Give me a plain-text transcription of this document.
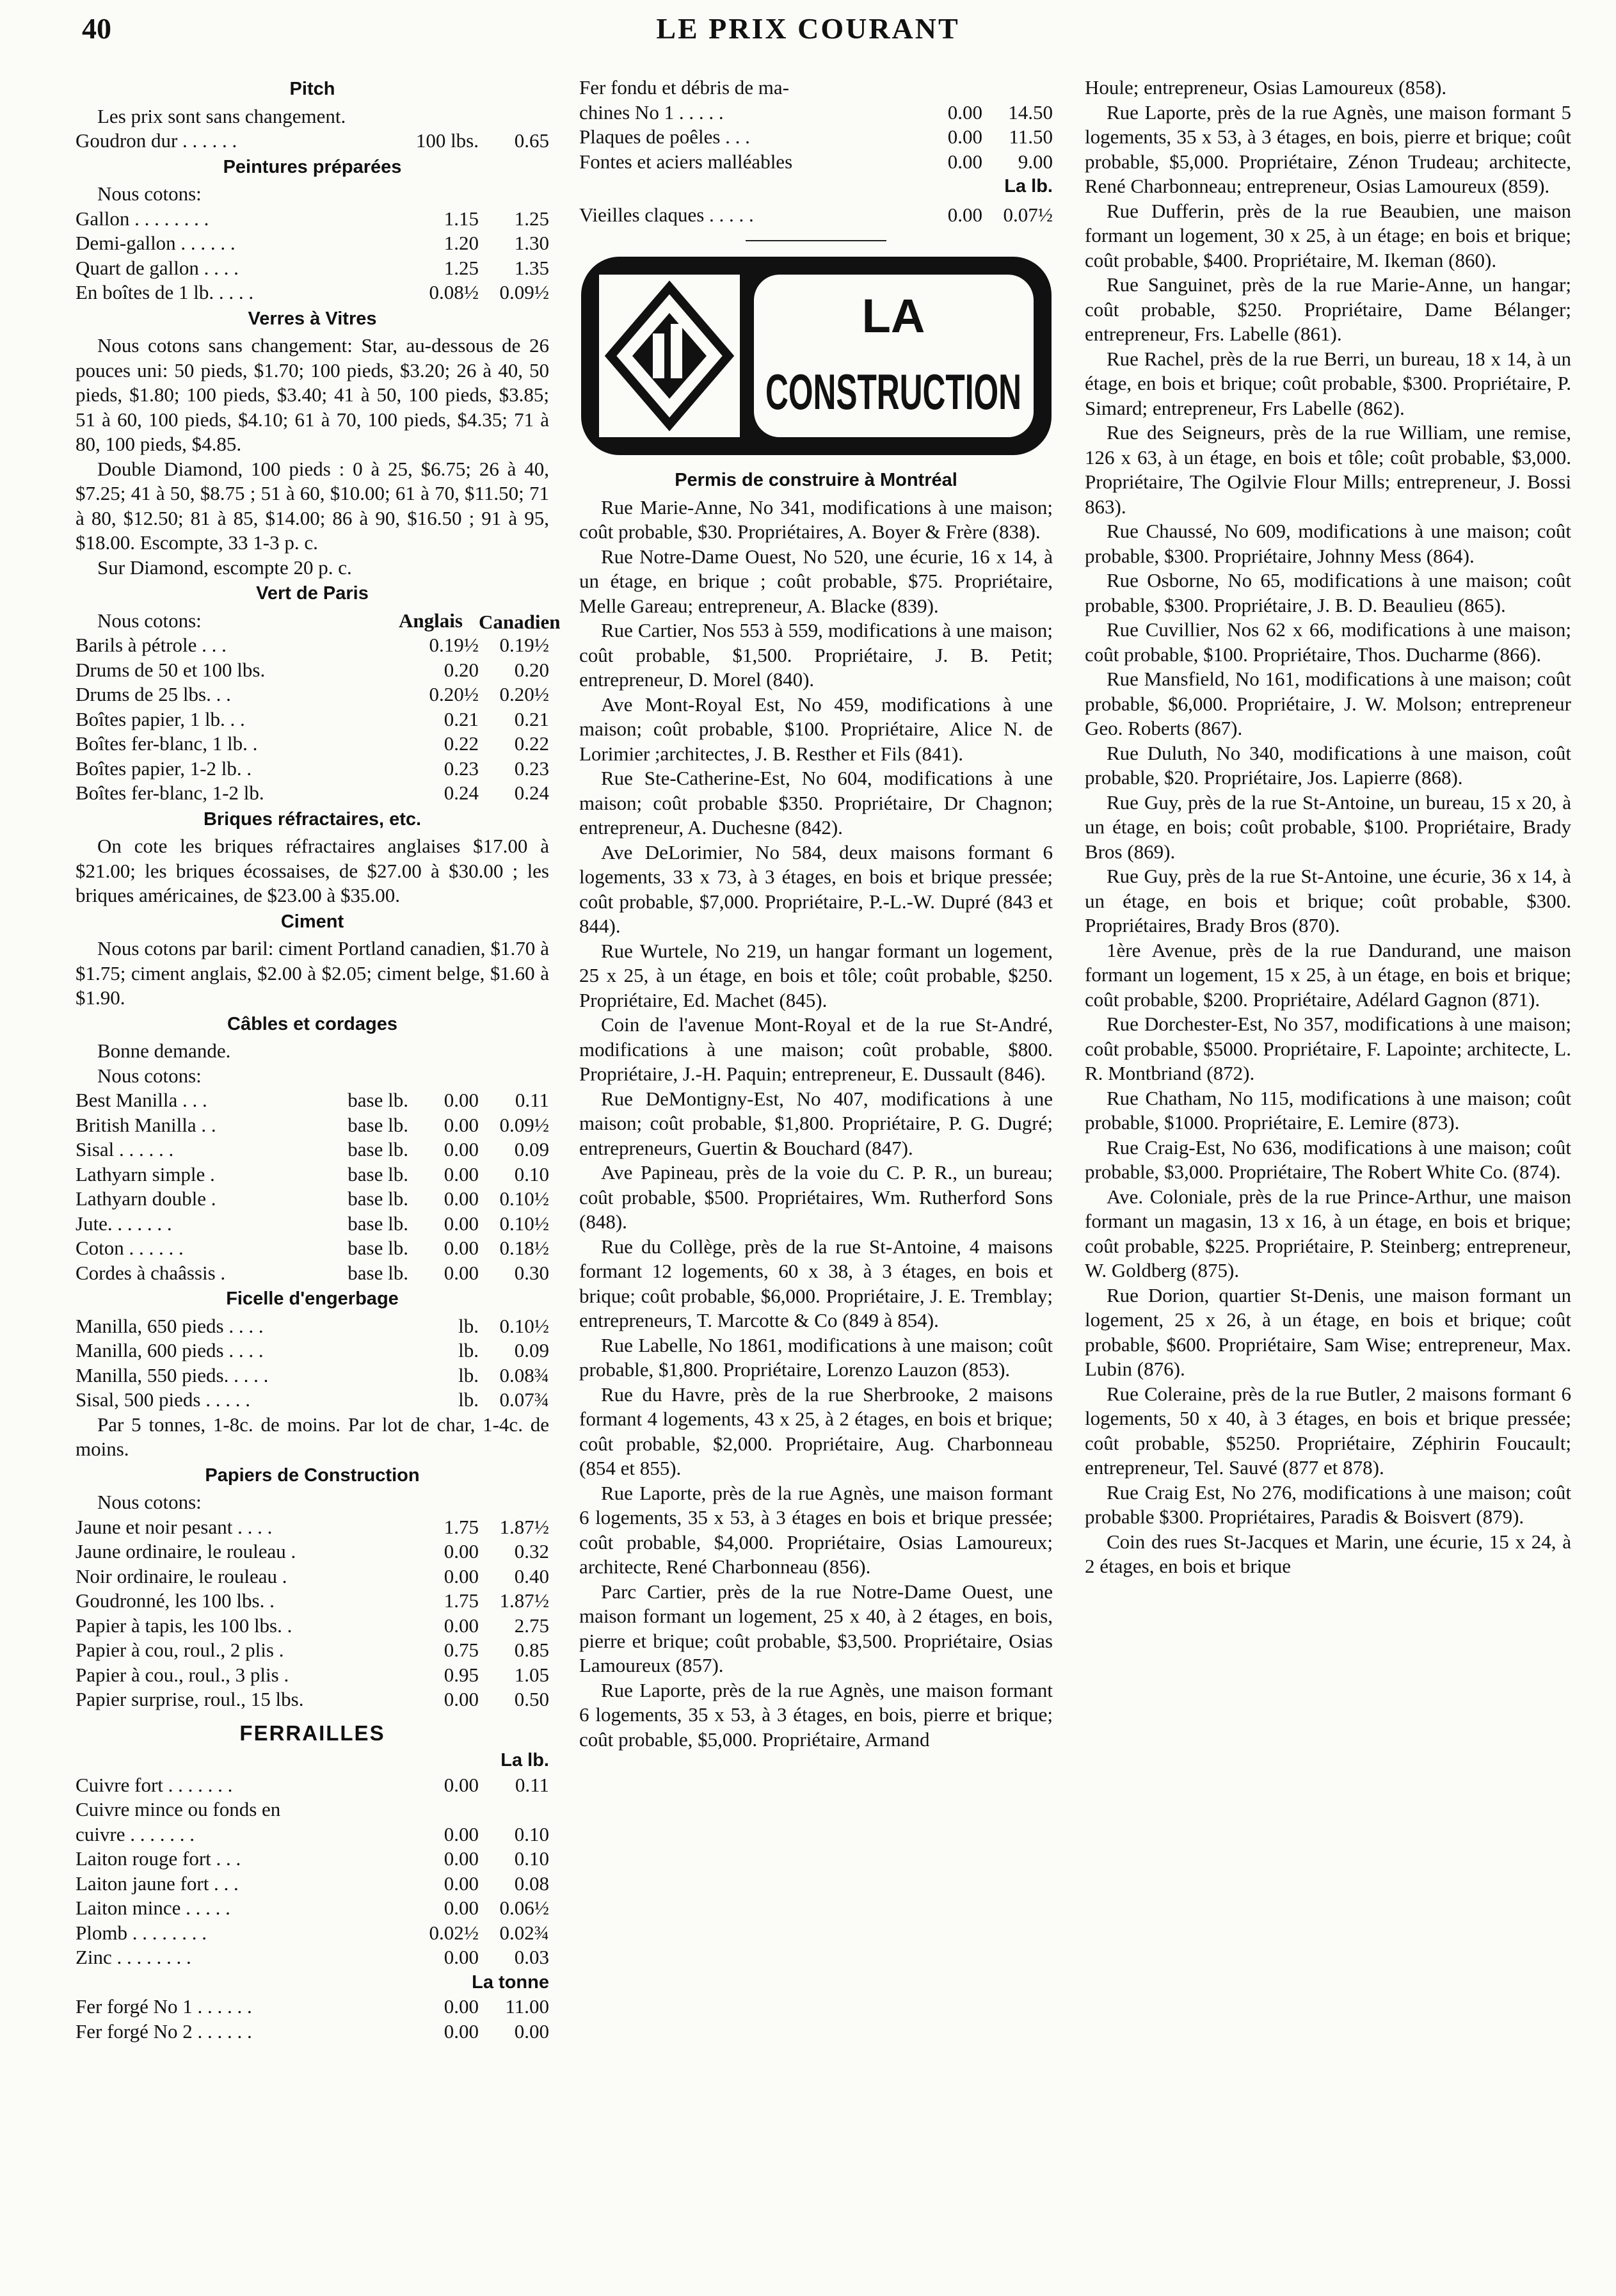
LE PRIX COURANT
40
Pitch

Les prix sont sans changement.

Goudron dur . . . . . .	100 lbs.	0.65
Peintures préparées
Nous cotons:
Gallon . . . . . . . .	1.15	1.25
Demi-gallon . . . . . .	1.20	1.30
Quart de gallon . . . .	1.25	1.35
En boîtes de 1 lb. . . . .	0.08½	0.09½
Verres à Vitres

Nous cotons sans changement: Star, au-dessous de 26 pouces uni: 50 pieds, $1.70; 100 pieds, $3.20; 26 à 40, 50 pieds, $1.80; 100 pieds, $3.40; 41 à 50, 100 pieds, $3.85; 51 à 60, 100 pieds, $4.10; 61 à 70, 100 pieds, $4.35; 71 à 80, 100 pieds, $4.85.

Double Diamond, 100 pieds : 0 à 25, $6.75; 26 à 40, $7.25; 41 à 50, $8.75 ; 51 à 60, $10.00; 61 à 70, $11.50; 71 à 80, $12.50; 81 à 85, $14.00; 86 à 90, $16.50 ; 91 à 95, $18.00. Escompte, 33 1-3 p. c.

Sur Diamond, escompte 20 p. c.

Vert de Paris
Nous cotons:	Anglais Canadien
Barils à pétrole . . .	0.19½	0.19½
Drums de 50 et 100 lbs.	0.20	0.20
Drums de 25 lbs. . .	0.20½	0.20½
Boîtes papier, 1 lb. . .	0.21	0.21
Boîtes fer-blanc, 1 lb. .	0.22	0.22
Boîtes papier, 1-2 lb. .	0.23	0.23
Boîtes fer-blanc, 1-2 lb.	0.24	0.24
Briques réfractaires, etc.

On cote les briques réfractaires anglaises $17.00 à $21.00; les briques écossaises, de $27.00 à $30.00 ; les briques américaines, de $23.00 à $35.00.

Ciment

Nous cotons par baril: ciment Portland canadien, $1.70 à $1.75; ciment anglais, $2.00 à $2.05; ciment belge, $1.60 à $1.90.

Câbles et cordages
Bonne demande.
Nous cotons:
Best Manilla . . .	base lb.	0.00	0.11
British Manilla . .	base lb.	0.00	0.09½
Sisal . . . . . .	base lb.	0.00	0.09
Lathyarn simple .	base lb.	0.00	0.10
Lathyarn double .	base lb.	0.00	0.10½
Jute. . . . . . .	base lb.	0.00	0.10½
Coton . . . . . .	base lb.	0.00	0.18½
Cordes à chaâssis .	base lb.	0.00	0.30
Ficelle d'engerbage
Manilla, 650 pieds . . . .	lb.	0.10½
Manilla, 600 pieds . . . .	lb.	0.09
Manilla, 550 pieds. . . . .	lb.	0.08¾
Sisal, 500 pieds . . . . .	lb.	0.07¾

Par 5 tonnes, 1-8c. de moins. Par lot de char, 1-4c. de moins.

Papiers de Construction
Nous cotons:
Jaune et noir pesant . . . .	1.75	1.87½
Jaune ordinaire, le rouleau .	0.00	0.32
Noir ordinaire, le rouleau .	0.00	0.40
Goudronné, les 100 lbs. .	1.75	1.87½
Papier à tapis, les 100 lbs. .	0.00	2.75
Papier à cou, roul., 2 plis .	0.75	0.85
Papier à cou., roul., 3 plis .	0.95	1.05
Papier surprise, roul., 15 lbs.	0.00	0.50
FERRAILLES
La lb.
Cuivre fort . . . . . . .	0.00	0.11
Cuivre mince ou fonds en
cuivre . . . . . . .	0.00	0.10
Laiton rouge fort . . .	0.00	0.10
Laiton jaune fort . . .	0.00	0.08
Laiton mince . . . . .	0.00	0.06½
Plomb . . . . . . . .	0.02½	0.02¾
Zinc . . . . . . . .	0.00	0.03
La tonne
Fer forgé No 1 . . . . . .	0.00	11.00
Fer forgé No 2 . . . . . .	0.00	0.00
Fer fondu et débris de ma-
chines No 1 . . . . .	0.00	14.50
Plaques de poêles . . .	0.00	11.50
Fontes et aciers malléables	0.00	9.00
La lb.
Vieilles claques . . . . .	0.00	0.07½
LA
CONSTRUCTION
Permis de construire à Montréal

Rue Marie-Anne, No 341, modifications à une maison; coût probable, $30. Propriétaires, A. Boyer & Frère (838).

Rue Notre-Dame Ouest, No 520, une écurie, 16 x 14, à un étage, en brique ; coût probable, $75. Propriétaire, Melle Gareau; entrepreneur, A. Blacke (839).

Rue Cartier, Nos 553 à 559, modifications à une maison; coût probable, $1,500. Propriétaire, J. B. Petit; entrepreneur, D. Morel (840).

Ave Mont-Royal Est, No 459, modifications à une maison; coût probable, $100. Propriétaire, Alice N. de Lorimier ;architectes, J. B. Resther et Fils (841).

Rue Ste-Catherine-Est, No 604, modifications à une maison; coût probable $350. Propriétaire, Dr Chagnon; entrepreneur, A. Duchesne (842).

Ave DeLorimier, No 584, deux maisons formant 6 logements, 33 x 73, à 3 étages, en bois et brique pressée; coût probable, $7,000. Propriétaire, P.-L.-W. Dupré (843 et 844).

Rue Wurtele, No 219, un hangar formant un logement, 25 x 25, à un étage, en bois et tôle; coût probable, $250. Propriétaire, Ed. Machet (845).

Coin de l'avenue Mont-Royal et de la rue St-André, modifications à une maison; coût probable, $800. Propriétaire, J.-H. Paquin; entrepreneur, E. Dussault (846).

Rue DeMontigny-Est, No 407, modifications à une maison; coût probable, $1,800. Propriétaire, P. G. Dugré; entrepreneurs, Guertin & Bouchard (847).

Ave Papineau, près de la voie du C. P. R., un bureau; coût probable, $500. Propriétaires, Wm. Rutherford Sons (848).

Rue du Collège, près de la rue St-Antoine, 4 maisons formant 12 logements, 60 x 38, à 3 étages, en bois et brique; coût probable, $6,000. Propriétaire, J. E. Tremblay; entrepreneurs, T. Marcotte & Co (849 à 854).

Rue Labelle, No 1861, modifications à une maison; coût probable, $1,800. Propriétaire, Lorenzo Lauzon (853).

Rue du Havre, près de la rue Sherbrooke, 2 maisons formant 4 logements, 43 x 25, à 2 étages, en bois et brique; coût probable, $2,000. Propriétaire, Aug. Charbonneau (854 et 855).

Rue Laporte, près de la rue Agnès, une maison formant 6 logements, 35 x 53, à 3 étages en bois et brique pressée; coût probable, $4,000. Propriétaire, Osias Lamoureux; architecte, René Charbonneau (856).

Parc Cartier, près de la rue Notre-Dame Ouest, une maison formant un logement, 25 x 40, à 2 étages, en bois, pierre et brique; coût probable, $3,500. Propriétaire, Osias Lamoureux (857).

Rue Laporte, près de la rue Agnès, une maison formant 6 logements, 35 x 53, à 3 étages, en bois, pierre et brique; coût probable, $5,000. Propriétaire, Armand

Houle; entrepreneur, Osias Lamoureux (858).

Rue Laporte, près de la rue Agnès, une maison formant 5 logements, 35 x 53, à 3 étages, en bois, pierre et brique; coût probable, $5,000. Propriétaire, Zénon Trudeau; architecte, René Charbonneau; entrepreneur, Osias Lamoureux (859).

Rue Dufferin, près de la rue Beaubien, une maison formant un logement, 30 x 25, à un étage; en bois et brique; coût probable, $400. Propriétaire, M. Ikeman (860).

Rue Sanguinet, près de la rue Marie-Anne, un hangar; coût probable, $250. Propriétaire, Dame Bélanger; entrepreneur, Frs. Labelle (861).

Rue Rachel, près de la rue Berri, un bureau, 18 x 14, à un étage, en bois et brique; coût probable, $300. Propriétaire, P. Simard; entrepreneur, Frs Labelle (862).

Rue des Seigneurs, près de la rue William, une remise, 126 x 63, à un étage, en bois et tôle; coût probable, $3,000. Propriétaire, The Ogilvie Flour Mills; entrepreneur, J. Bossi 863).

Rue Chaussé, No 609, modifications à une maison; coût probable, $300. Propriétaire, Johnny Mess (864).

Rue Osborne, No 65, modifications à une maison; coût probable, $300. Propriétaire, J. B. D. Beaulieu (865).

Rue Cuvillier, Nos 62 x 66, modifications à une maison; coût probable, $100. Propriétaire, Thos. Ducharme (866).

Rue Mansfield, No 161, modifications à une maison; coût probable, $6,000. Propriétaire, J. W. Molson; entrepreneur Geo. Roberts (867).

Rue Duluth, No 340, modifications à une maison, coût probable, $20. Propriétaire, Jos. Lapierre (868).

Rue Guy, près de la rue St-Antoine, un bureau, 15 x 20, à un étage, en bois; coût probable, $100. Propriétaire, Brady Bros (869).

Rue Guy, près de la rue St-Antoine, une écurie, 36 x 14, à un étage, en bois et brique; coût probable, $300. Propriétaires, Brady Bros (870).

1ère Avenue, près de la rue Dandurand, une maison formant un logement, 15 x 25, à un étage, en bois et brique; coût probable, $200. Propriétaire, Adélard Gagnon (871).

Rue Dorchester-Est, No 357, modifications à une maison; coût probable, $5000. Propriétaire, F. Lapointe; architecte, L. R. Montbriand (872).

Rue Chatham, No 115, modifications à une maison; coût probable, $1000. Propriétaire, E. Lemire (873).

Rue Craig-Est, No 636, modifications à une maison; coût probable, $3,000. Propriétaire, The Robert White Co. (874).

Ave. Coloniale, près de la rue Prince-Arthur, une maison formant un magasin, 13 x 16, à un étage, en bois et brique; coût probable, $225. Propriétaire, P. Steinberg; entrepreneur, W. Goldberg (875).

Rue Dorion, quartier St-Denis, une maison formant un logement, 25 x 26, à un étage, en bois et brique; coût probable, $600. Propriétaire, Sam Wise; entrepreneur, Max. Lubin (876).

Rue Coleraine, près de la rue Butler, 2 maisons formant 6 logements, 50 x 40, à 3 étages, en bois et brique pressée; coût probable, $5250. Propriétaire, Zéphirin Foucault; entrepreneur, Tel. Sauvé (877 et 878).

Rue Craig Est, No 276, modifications à une maison; coût probable $300. Propriétaires, Paradis & Boisvert (879).

Coin des rues St-Jacques et Marin, une écurie, 15 x 24, à 2 étages, en bois et brique
